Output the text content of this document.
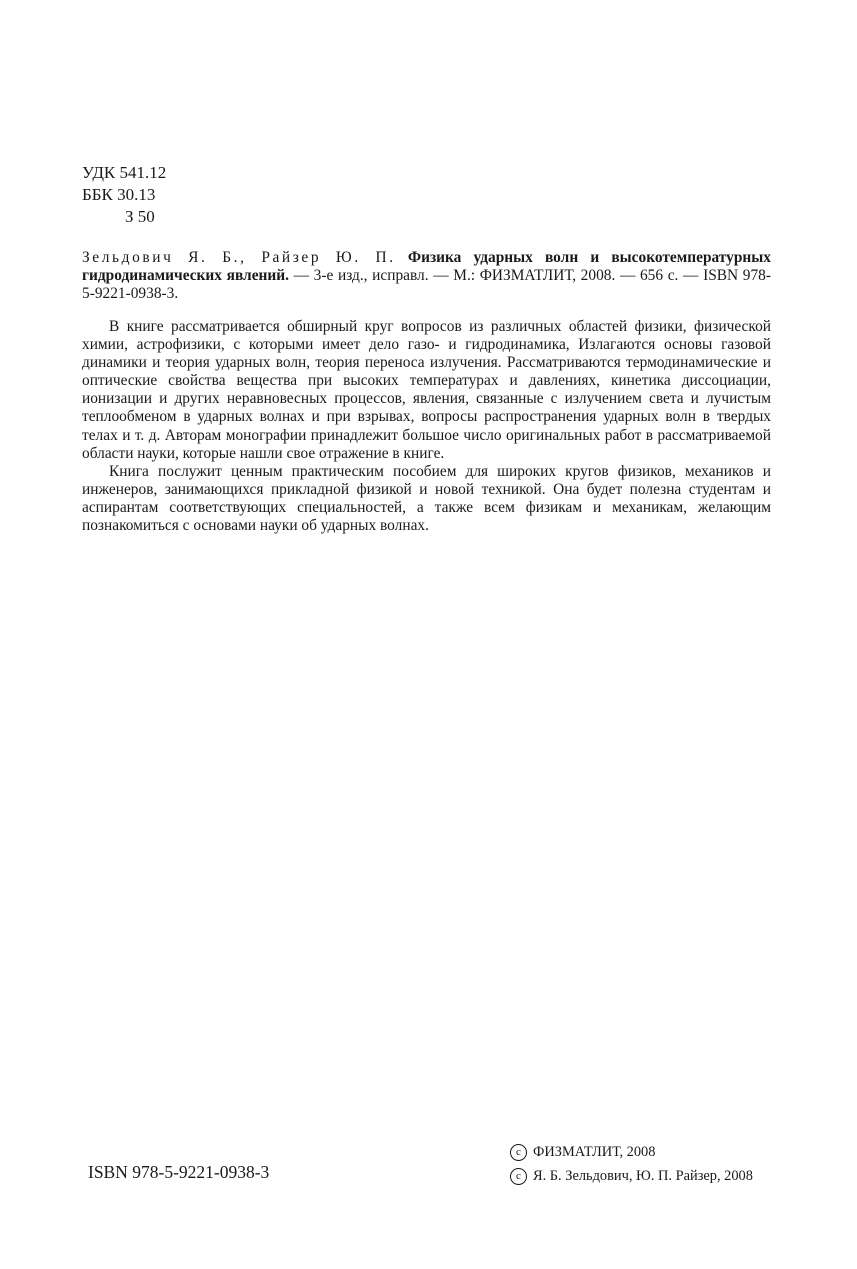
УДК 541.12
ББК 30.13
З 50
Зельдович Я. Б., Райзер Ю. П. Физика ударных волн и высокотемпературных гидродинамических явлений. — 3-е изд., исправл. — М.: ФИЗМАТЛИТ, 2008. — 656 с. — ISBN 978-5-9221-0938-3.

В книге рассматривается обширный круг вопросов из различных областей физики, физической химии, астрофизики, с которыми имеет дело газо- и гидродинамика, Излагаются основы газовой динамики и теория ударных волн, теория переноса излучения. Рассматриваются термодинамические и оптические свойства вещества при высоких температурах и давлениях, кинетика диссоциации, ионизации и других неравновесных процессов, явления, связанные с излучением света и лучистым теплообменом в ударных волнах и при взрывах, вопросы распространения ударных волн в твердых телах и т. д. Авторам монографии принадлежит большое число оригинальных работ в рассматриваемой области науки, которые нашли свое отражение в книге.

Книга послужит ценным практическим пособием для широких кругов физиков, механиков и инженеров, занимающихся прикладной физикой и новой техникой. Она будет полезна студентам и аспирантам соответствующих специальностей, а также всем физикам и механикам, желающим познакомиться с основами науки об ударных волнах.

ISBN 978-5-9221-0938-3
c ФИЗМАТЛИТ, 2008
c Я. Б. Зельдович, Ю. П. Райзер, 2008
